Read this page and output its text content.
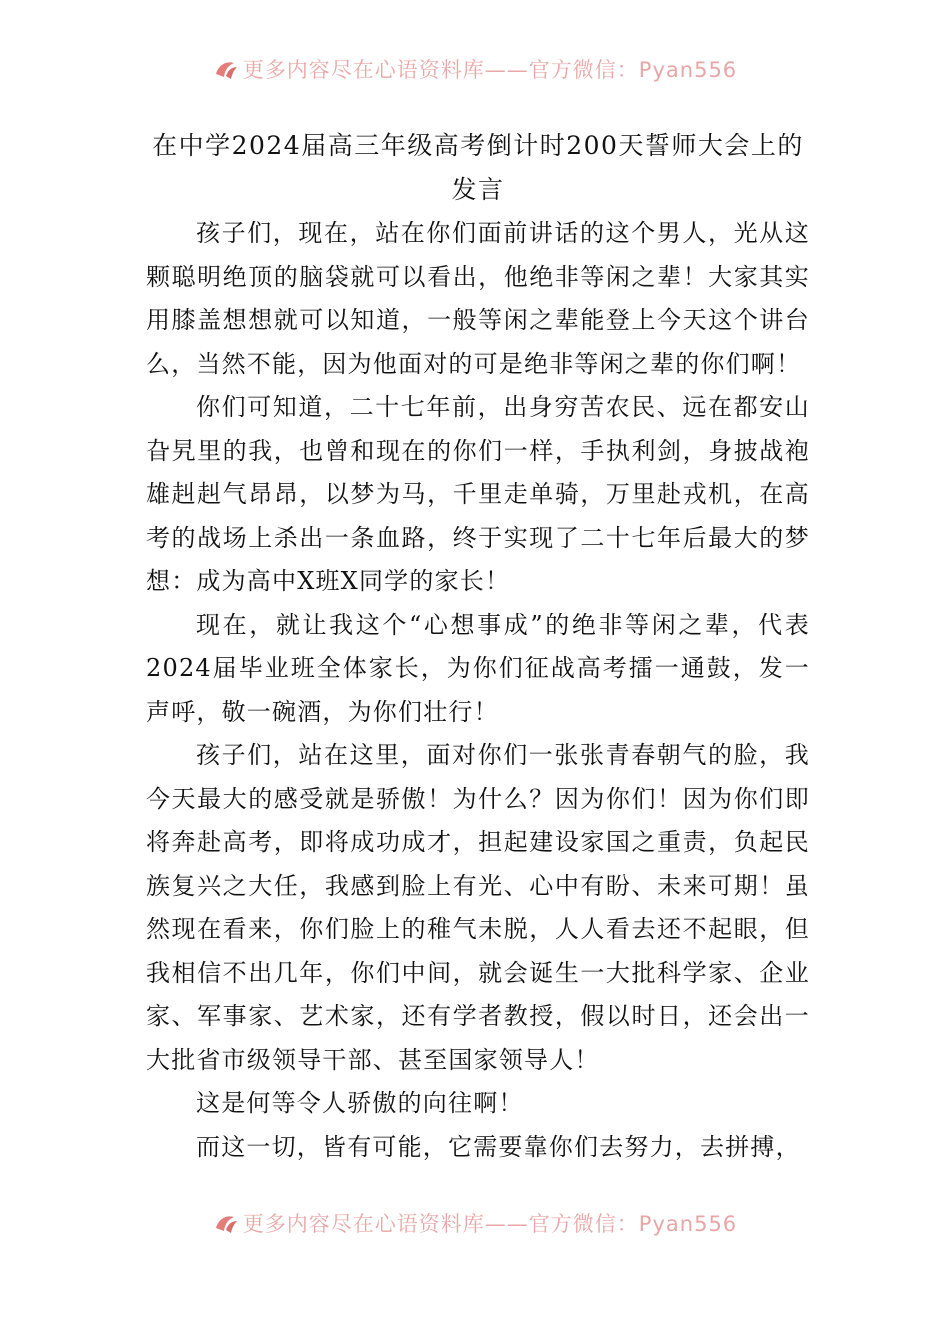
更多内容尽在心语资料库——官方微信：Pyan556
在中学2024届高三年级高考倒计时200天誓师大会上的发言

孩子们，现在，站在你们面前讲话的这个男人，光从这颗聪明绝顶的脑袋就可以看出，他绝非等闲之辈！大家其实用膝盖想想就可以知道，一般等闲之辈能登上今天这个讲台么，当然不能，因为他面对的可是绝非等闲之辈的你们啊！

你们可知道，二十七年前，出身穷苦农民、远在都安山旮旯里的我，也曾和现在的你们一样，手执利剑，身披战袍雄赳赳气昂昂，以梦为马，千里走单骑，万里赴戎机，在高考的战场上杀出一条血路，终于实现了二十七年后最大的梦想：成为高中X班X同学的家长！

现在，就让我这个“心想事成”的绝非等闲之辈，代表2024届毕业班全体家长，为你们征战高考擂一通鼓，发一声呼，敬一碗酒，为你们壮行！

孩子们，站在这里，面对你们一张张青春朝气的脸，我今天最大的感受就是骄傲！为什么？因为你们！因为你们即将奔赴高考，即将成功成才，担起建设家国之重责，负起民族复兴之大任，我感到脸上有光、心中有盼、未来可期！虽然现在看来，你们脸上的稚气未脱，人人看去还不起眼，但我相信不出几年，你们中间，就会诞生一大批科学家、企业家、军事家、艺术家，还有学者教授，假以时日，还会出一大批省市级领导干部、甚至国家领导人！

这是何等令人骄傲的向往啊！

而这一切，皆有可能，它需要靠你们去努力，去拼搏，

更多内容尽在心语资料库——官方微信：Pyan556
